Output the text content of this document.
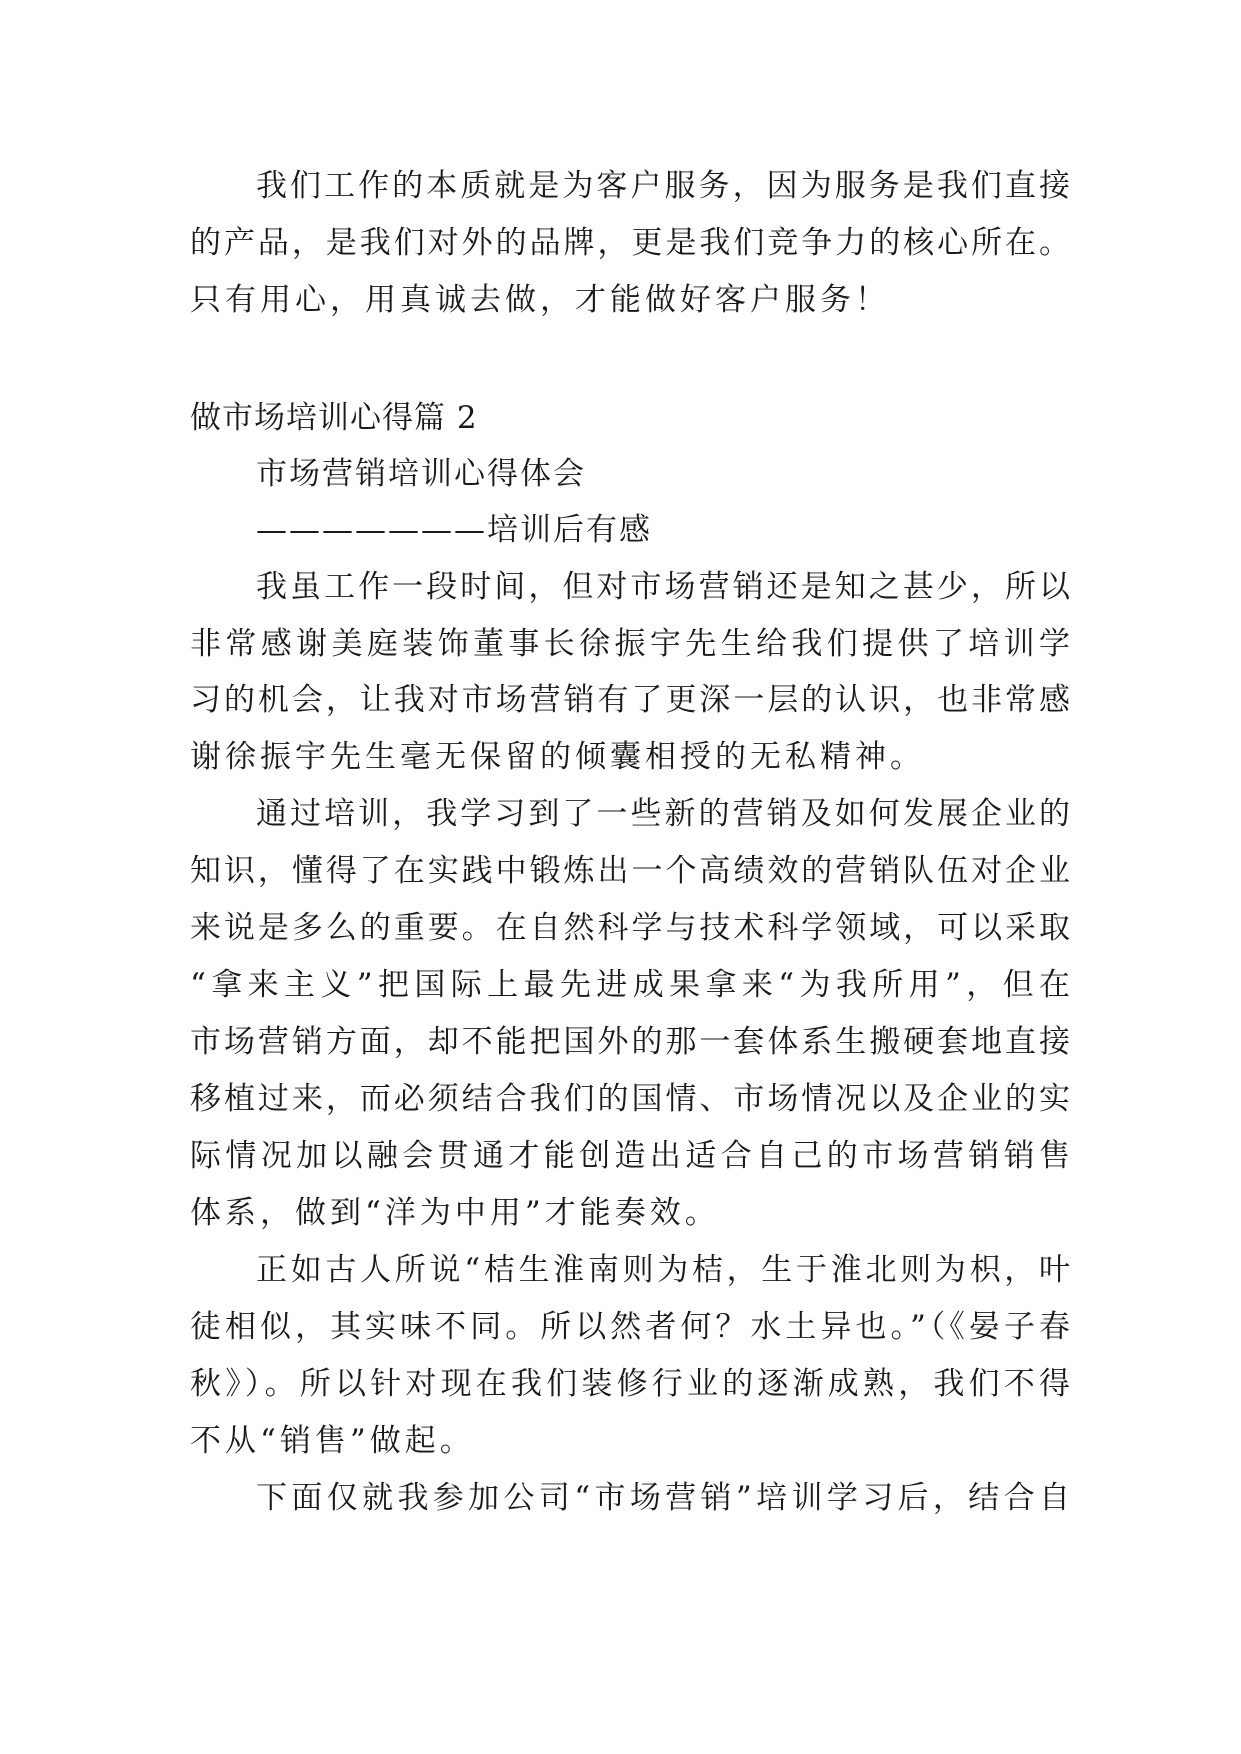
我们工作的本质就是为客户服务，因为服务是我们直接
的产品，是我们对外的品牌，更是我们竞争力的核心所在。
只有用心，用真诚去做，才能做好客户服务！
做市场培训心得篇 2
市场营销培训心得体会
———————培训后有感
我虽工作一段时间，但对市场营销还是知之甚少，所以
非常感谢美庭装饰董事长徐振宇先生给我们提供了培训学
习的机会，让我对市场营销有了更深一层的认识，也非常感
谢徐振宇先生毫无保留的倾囊相授的无私精神。
通过培训，我学习到了一些新的营销及如何发展企业的
知识，懂得了在实践中锻炼出一个高绩效的营销队伍对企业
来说是多么的重要。在自然科学与技术科学领域，可以采取
“拿来主义”把国际上最先进成果拿来“为我所用”，但在
市场营销方面，却不能把国外的那一套体系生搬硬套地直接
移植过来，而必须结合我们的国情、市场情况以及企业的实
际情况加以融会贯通才能创造出适合自己的市场营销销售
体系，做到“洋为中用”才能奏效。
正如古人所说“桔生淮南则为桔，生于淮北则为枳，叶
徒相似，其实味不同。所以然者何？水土异也。”（《晏子春
秋》）。所以针对现在我们装修行业的逐渐成熟，我们不得
不从“销售”做起。
下面仅就我参加公司“市场营销”培训学习后，结合自
